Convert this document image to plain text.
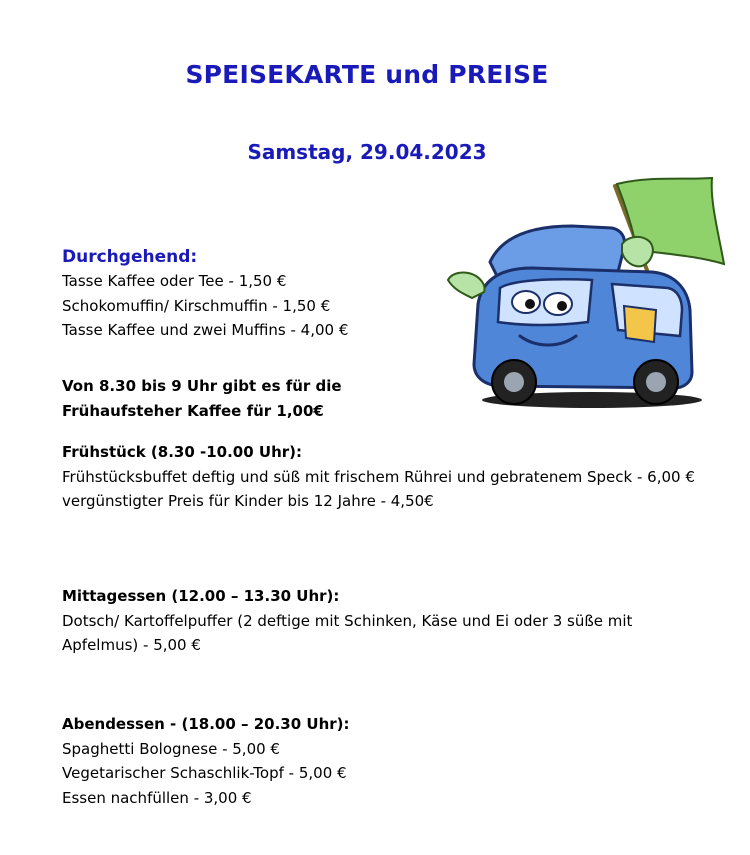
SPEISEKARTE und PREISE
Samstag, 29.04.2023
Durchgehend:
Tasse Kaffee oder Tee - 1,50 €
Schokomuffin/ Kirschmuffin - 1,50 €
Tasse Kaffee und zwei Muffins - 4,00 €
Von 8.30 bis 9 Uhr gibt es für die
Frühaufsteher Kaffee für 1,00€
Frühstück (8.30 -10.00 Uhr):
Frühstücksbuffet deftig und süß mit frischem Rührei und gebratenem Speck - 6,00 €
vergünstigter Preis für Kinder bis 12 Jahre - 4,50€
Mittagessen (12.00 – 13.30 Uhr):
Dotsch/ Kartoffelpuffer (2 deftige mit Schinken, Käse und Ei oder 3 süße mit Apfelmus) - 5,00 €
Abendessen - (18.00 – 20.30 Uhr):
Spaghetti Bolognese - 5,00 €
Vegetarischer Schaschlik-Topf - 5,00 €
Essen nachfüllen - 3,00 €
